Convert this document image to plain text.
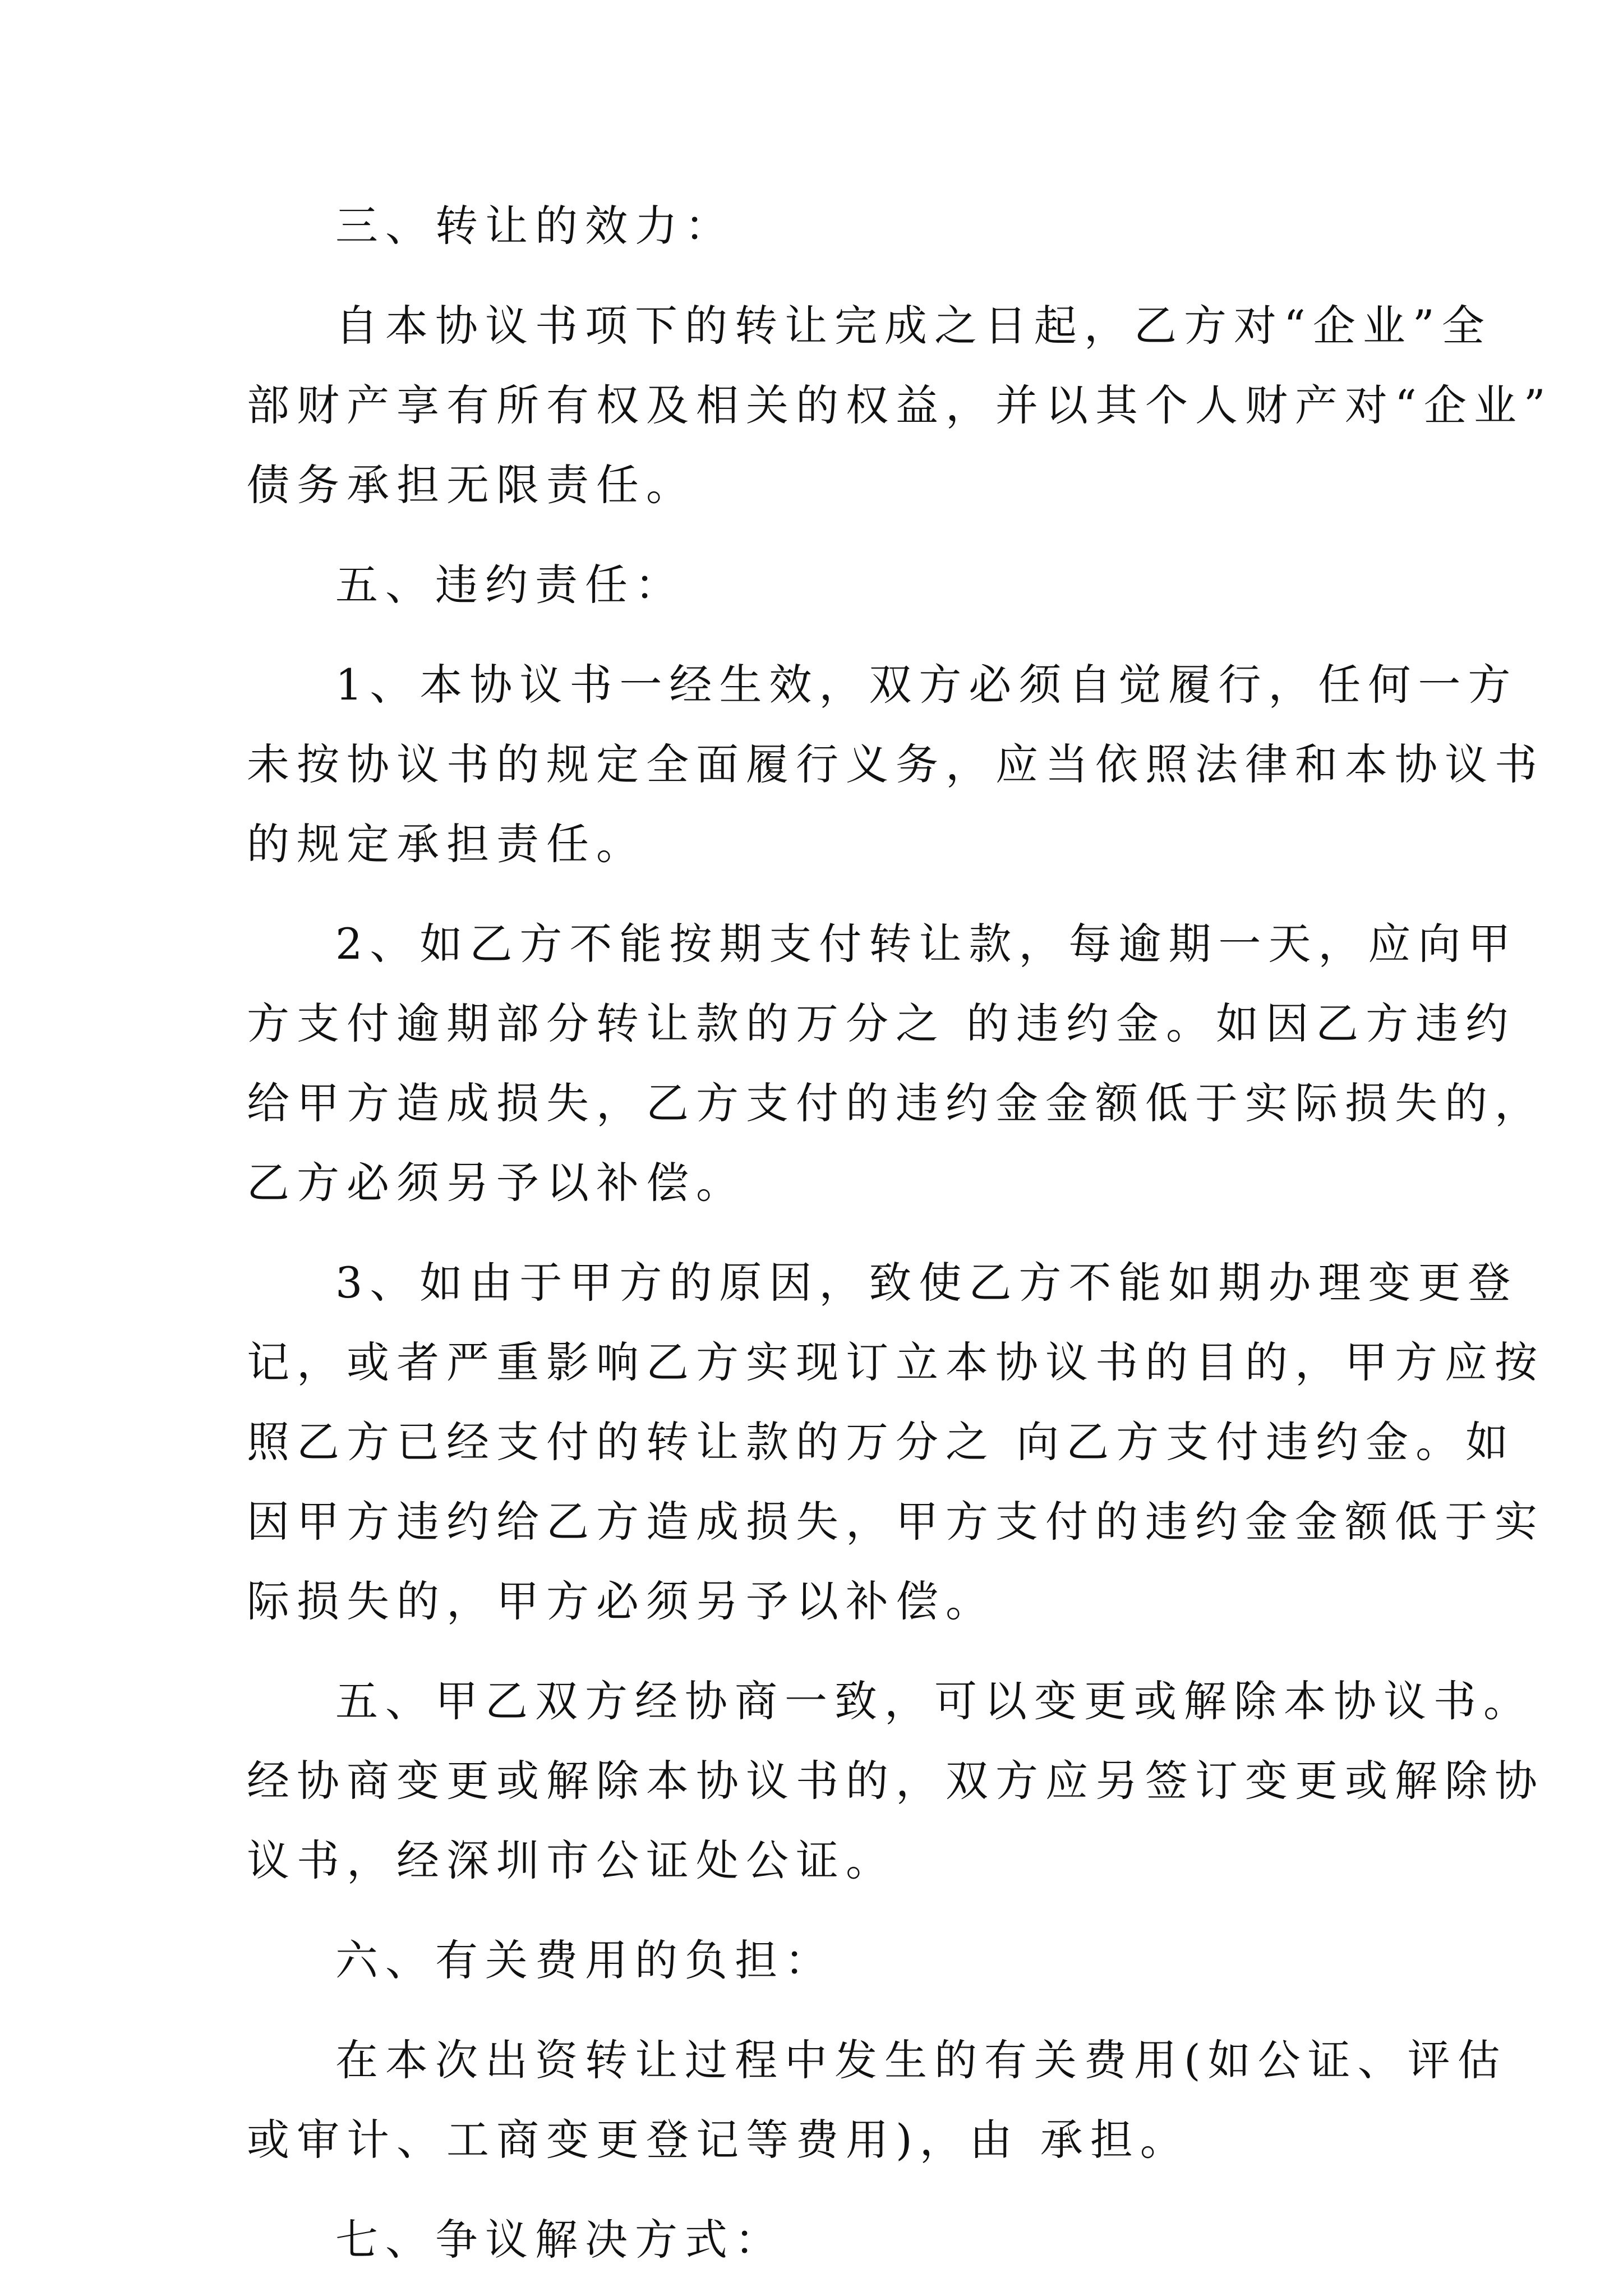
三、转让的效力：
自本协议书项下的转让完成之日起，乙方对“企业”全
部财产享有所有权及相关的权益，并以其个人财产对“企业”
债务承担无限责任。
五、违约责任：
1、本协议书一经生效，双方必须自觉履行，任何一方
未按协议书的规定全面履行义务，应当依照法律和本协议书
的规定承担责任。
2、如乙方不能按期支付转让款，每逾期一天，应向甲
方支付逾期部分转让款的万分之 的违约金。如因乙方违约
给甲方造成损失，乙方支付的违约金金额低于实际损失的，
乙方必须另予以补偿。
3、如由于甲方的原因，致使乙方不能如期办理变更登
记，或者严重影响乙方实现订立本协议书的目的，甲方应按
照乙方已经支付的转让款的万分之 向乙方支付违约金。如
因甲方违约给乙方造成损失，甲方支付的违约金金额低于实
际损失的，甲方必须另予以补偿。
五、甲乙双方经协商一致，可以变更或解除本协议书。
经协商变更或解除本协议书的，双方应另签订变更或解除协
议书，经深圳市公证处公证。
六、有关费用的负担：
在本次出资转让过程中发生的有关费用(如公证、评估
或审计、工商变更登记等费用)，由 承担。
七、争议解决方式：
